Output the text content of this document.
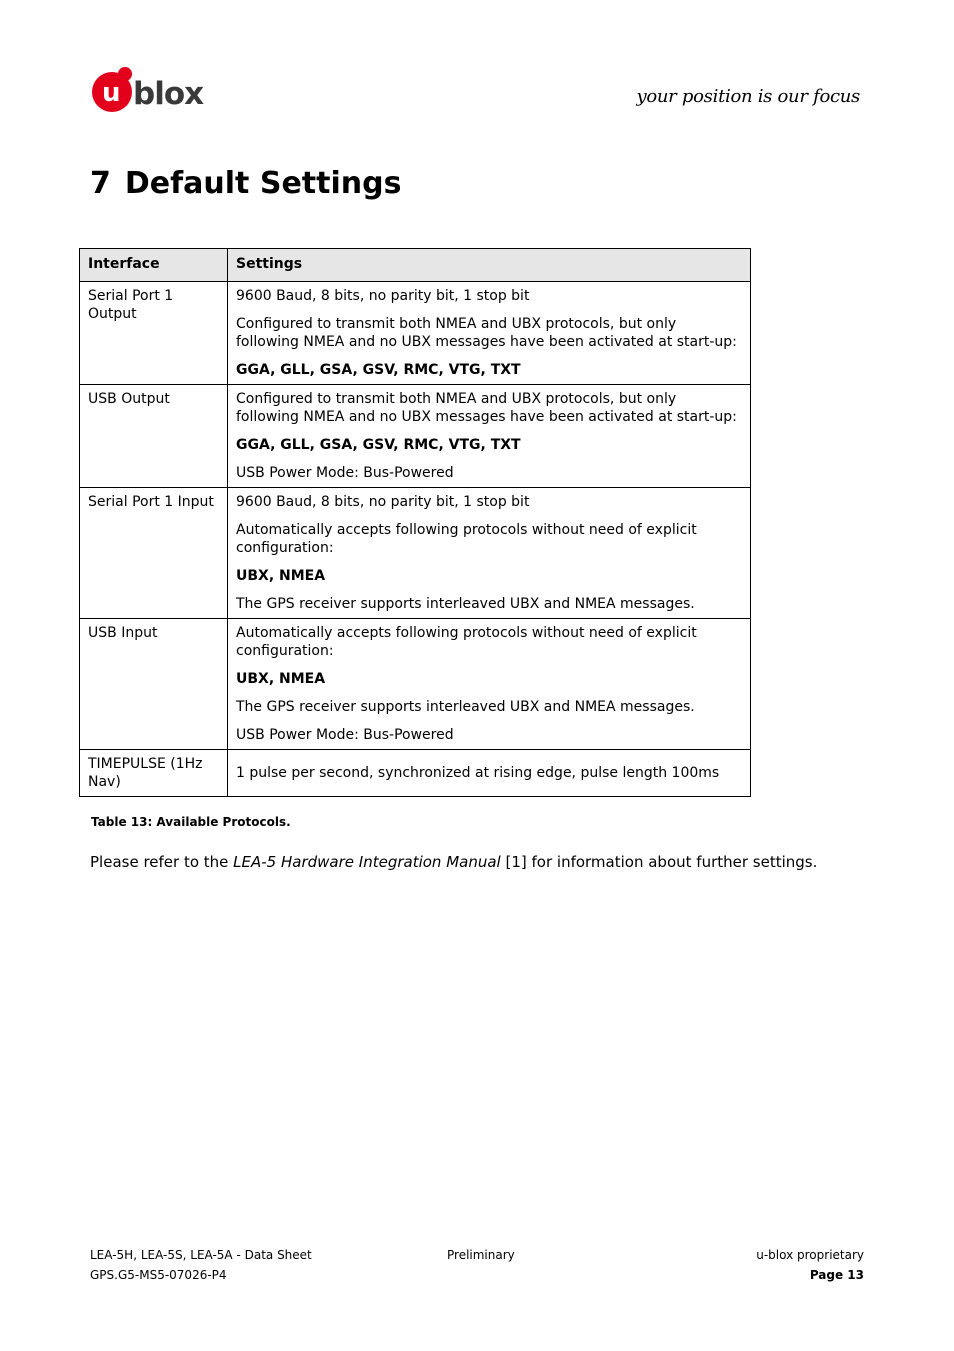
u blox	your position is our focus
7 Default Settings
Interface	Settings
Serial Port 1 Output	9600 Baud, 8 bits, no parity bit, 1 stop bit
Configured to transmit both NMEA and UBX protocols, but only following NMEA and no UBX messages have been activated at start-up:
GGA, GLL, GSA, GSV, RMC, VTG, TXT

USB Output	Configured to transmit both NMEA and UBX protocols, but only following NMEA and no UBX messages have been activated at start-up:
GGA, GLL, GSA, GSV, RMC, VTG, TXT
USB Power Mode: Bus-Powered

Serial Port 1 Input	9600 Baud, 8 bits, no parity bit, 1 stop bit
Automatically accepts following protocols without need of explicit configuration:
UBX, NMEA
The GPS receiver supports interleaved UBX and NMEA messages.

USB Input	Automatically accepts following protocols without need of explicit configuration:
UBX, NMEA
The GPS receiver supports interleaved UBX and NMEA messages.
USB Power Mode: Bus-Powered

TIMEPULSE (1Hz Nav)	1 pulse per second, synchronized at rising edge, pulse length 100ms
Table 13: Available Protocols.

Please refer to the LEA-5 Hardware Integration Manual [1] for information about further settings.

LEA-5H, LEA-5S, LEA-5A - Data Sheet
GPS.G5-MS5-07026-P4
Preliminary	u-blox proprietary
Page 13
